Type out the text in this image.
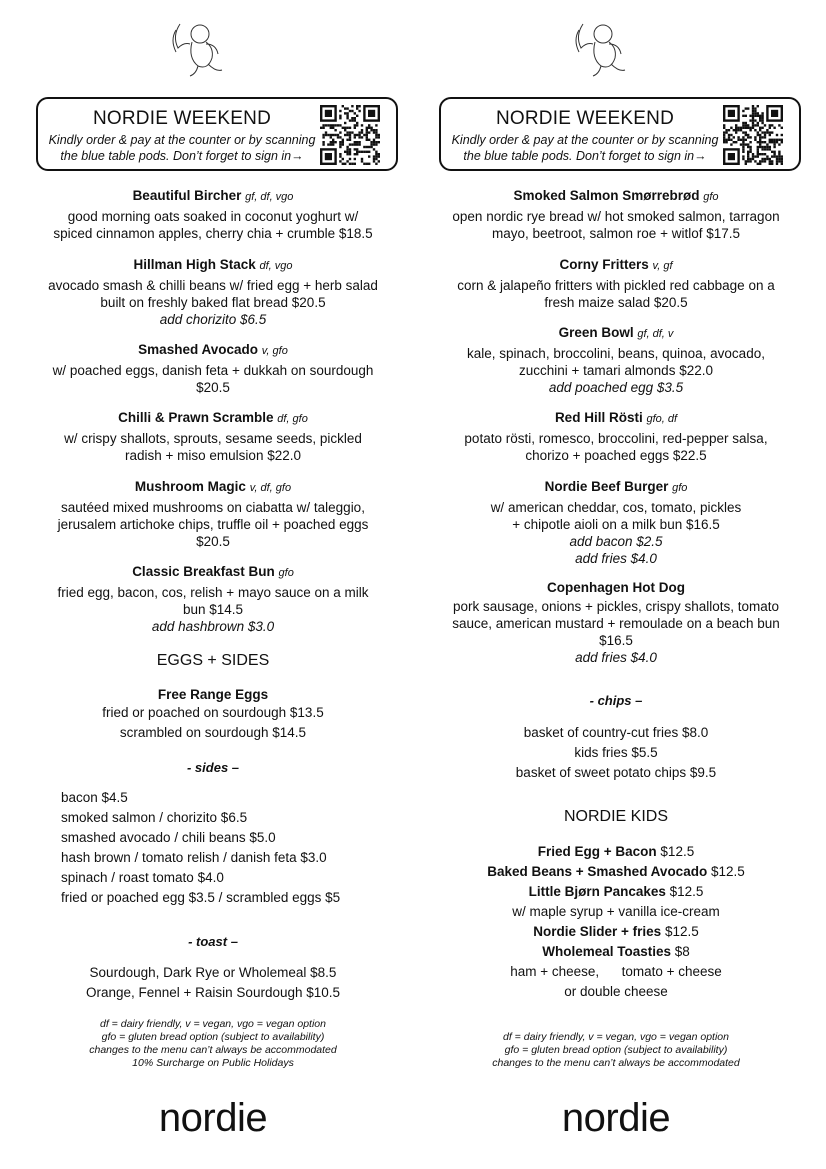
NORDIE WEEKEND
Kindly order & pay at the counter or by scanning
the blue table pods. Don’t forget to sign in→
Beautiful Bircher gf, df, vgo
good morning oats soaked in coconut yoghurt w/
spiced cinnamon apples, cherry chia + crumble $18.5
Hillman High Stack df, vgo
avocado smash & chilli beans w/ fried egg + herb salad
built on freshly baked flat bread $20.5
add chorizito $6.5
Smashed Avocado v, gfo
w/ poached eggs, danish feta + dukkah on sourdough
$20.5
Chilli & Prawn Scramble df, gfo
w/ crispy shallots, sprouts, sesame seeds, pickled
radish + miso emulsion $22.0
Mushroom Magic v, df, gfo
sautéed mixed mushrooms on ciabatta w/ taleggio,
jerusalem artichoke chips, truffle oil + poached eggs
$20.5
Classic Breakfast Bun gfo
fried egg, bacon, cos, relish + mayo sauce on a milk
bun $14.5
add hashbrown $3.0
EGGS + SIDES
Free Range Eggs
fried or poached on sourdough $13.5
scrambled on sourdough $14.5
- sides –
bacon $4.5
smoked salmon / chorizito $6.5
smashed avocado / chili beans $5.0
hash brown / tomato relish / danish feta $3.0
spinach / roast tomato $4.0
fried or poached egg $3.5 / scrambled eggs $5
- toast –
Sourdough, Dark Rye or Wholemeal $8.5
Orange, Fennel + Raisin Sourdough $10.5
df = dairy friendly, v = vegan, vgo = vegan option
gfo = gluten bread option (subject to availability)
changes to the menu can’t always be accommodated
10% Surcharge on Public Holidays
nordie
NORDIE WEEKEND
Kindly order & pay at the counter or by scanning
the blue table pods. Don’t forget to sign in→
Smoked Salmon Smørrebrød gfo
open nordic rye bread w/ hot smoked salmon, tarragon
mayo, beetroot, salmon roe + witlof $17.5
Corny Fritters v, gf
corn & jalapeño fritters with pickled red cabbage on a
fresh maize salad $20.5
Green Bowl gf, df, v
kale, spinach, broccolini, beans, quinoa, avocado,
zucchini + tamari almonds $22.0
add poached egg $3.5
Red Hill Rösti gfo, df
potato rösti, romesco, broccolini, red-pepper salsa,
chorizo + poached eggs $22.5
Nordie Beef Burger gfo
w/ american cheddar, cos, tomato, pickles
+ chipotle aioli on a milk bun $16.5
add bacon $2.5
add fries $4.0
Copenhagen Hot Dog
pork sausage, onions + pickles, crispy shallots, tomato
sauce, american mustard + remoulade on a beach bun
$16.5
add fries $4.0
- chips –
basket of country-cut fries $8.0
kids fries $5.5
basket of sweet potato chips $9.5
NORDIE KIDS
Fried Egg + Bacon $12.5
Baked Beans + Smashed Avocado $12.5
Little Bjørn Pancakes $12.5
w/ maple syrup + vanilla ice-cream
Nordie Slider + fries $12.5
Wholemeal Toasties $8
ham + cheese,      tomato + cheese
or double cheese
df = dairy friendly, v = vegan, vgo = vegan option
gfo = gluten bread option (subject to availability)
changes to the menu can’t always be accommodated
nordie
